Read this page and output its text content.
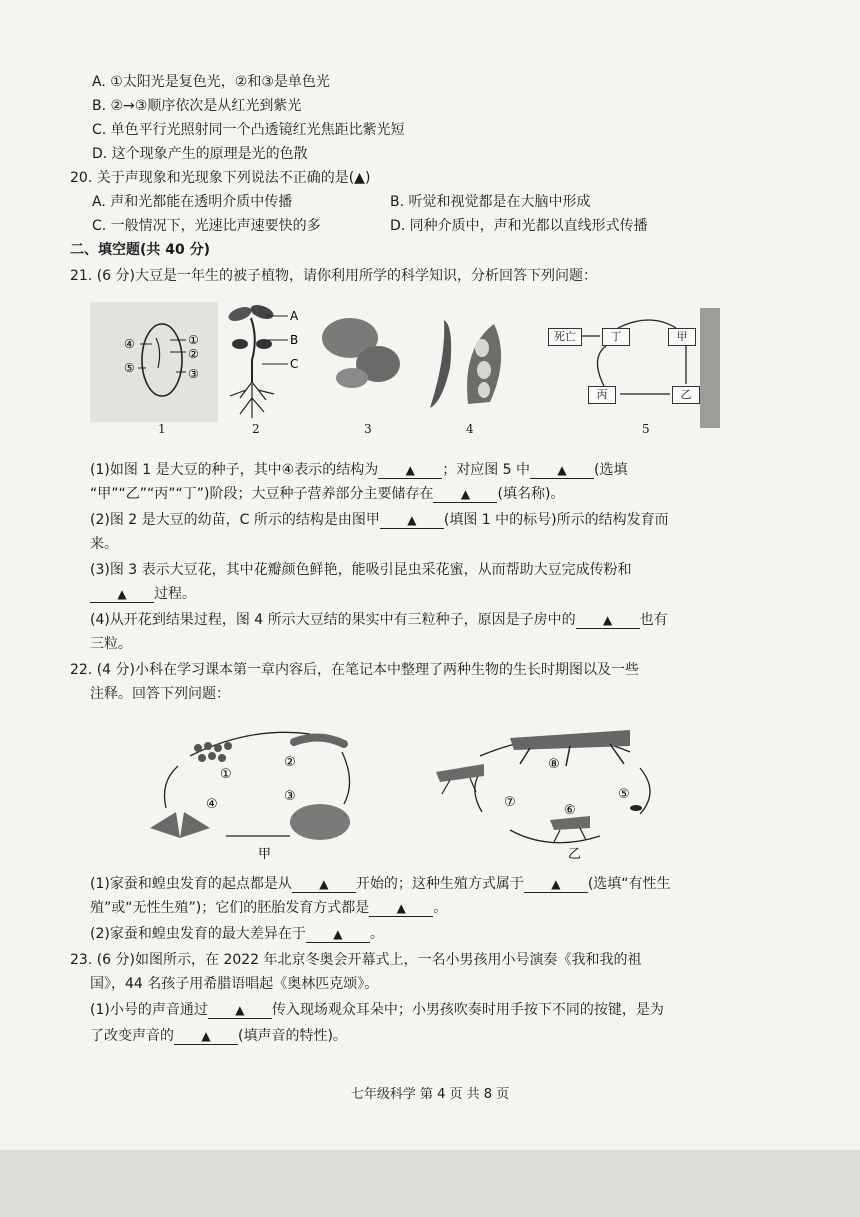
A. ①太阳光是复色光，②和③是单色光
B. ②→③顺序依次是从红光到紫光
C. 单色平行光照射同一个凸透镜红光焦距比紫光短
D. 这个现象产生的原理是光的色散
20. 关于声现象和光现象下列说法不正确的是(▲)
A. 声和光都能在透明介质中传播	B. 听觉和视觉都是在大脑中形成
C. 一般情况下，光速比声速要快的多	D. 同种介质中，声和光都以直线形式传播
二、填空题(共 40 分)
21. (6 分)大豆是一年生的被子植物，请你利用所学的科学知识，分析回答下列问题：
④	①
②
⑤	③
A
B
C
死亡	丁	甲
丙	乙
1	2	3	4	5
(1)如图 1 是大豆的种子，其中④表示的结构为 ▲ ；对应图 5 中 ▲ (选填
“甲”“乙”“丙”“丁”)阶段；大豆种子营养部分主要储存在 ▲ (填名称)。
(2)图 2 是大豆的幼苗，C 所示的结构是由图甲 ▲ (填图 1 中的标号)所示的结构发育而
来。
(3)图 3 表示大豆花，其中花瓣颜色鲜艳，能吸引昆虫采花蜜，从而帮助大豆完成传粉和
▲ 过程。
(4)从开花到结果过程，图 4 所示大豆结的果实中有三粒种子，原因是子房中的 ▲ 也有
三粒。
22. (4 分)小科在学习课本第一章内容后，在笔记本中整理了两种生物的生长时期图以及一些
注释。回答下列问题：
①
②
③
④
⑧
⑤
⑥
⑦
甲	乙
(1)家蚕和蝗虫发育的起点都是从 ▲ 开始的；这种生殖方式属于 ▲ (选填“有性生
殖”或“无性生殖”)；它们的胚胎发育方式都是 ▲ 。
(2)家蚕和蝗虫发育的最大差异在于 ▲ 。
23. (6 分)如图所示，在 2022 年北京冬奥会开幕式上，一名小男孩用小号演奏《我和我的祖
国》，44 名孩子用希腊语唱起《奥林匹克颂》。
(1)小号的声音通过 ▲ 传入现场观众耳朵中；小男孩吹奏时用手按下不同的按键，是为
了改变声音的 ▲ (填声音的特性)。
七年级科学 第 4 页 共 8 页
